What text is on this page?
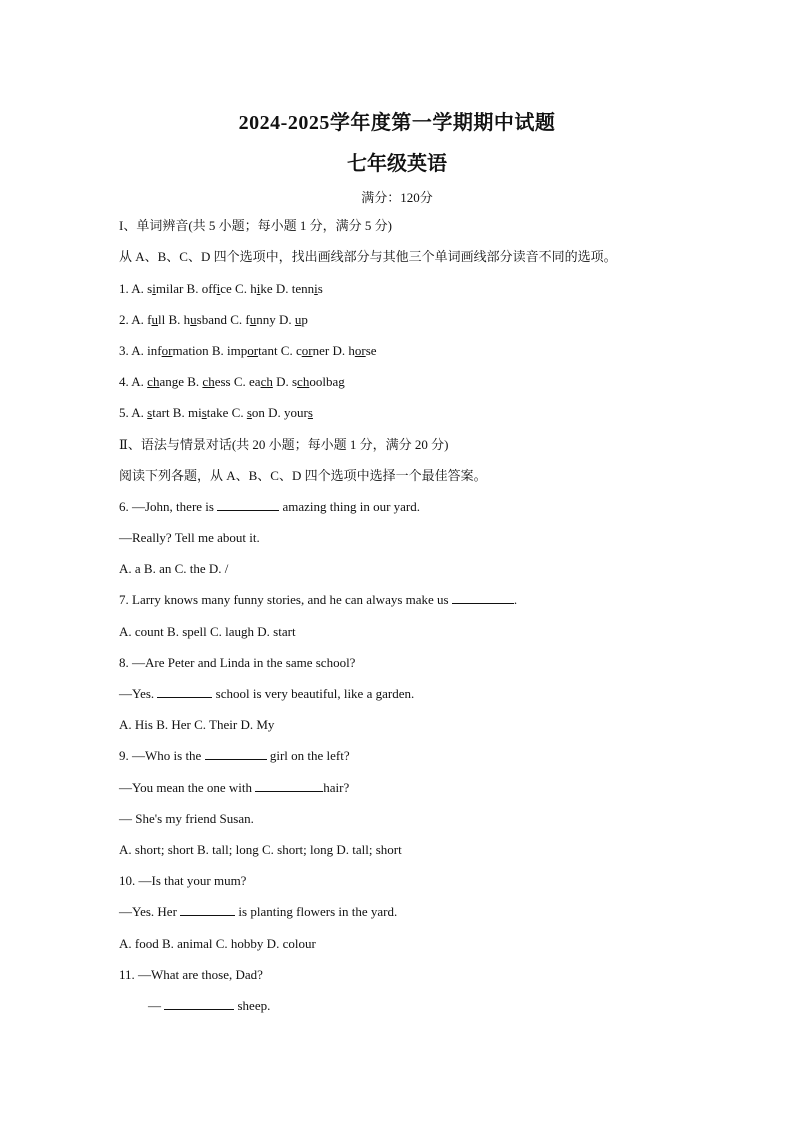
2024-2025学年度第一学期期中试题
七年级英语
满分：120分
I、单词辨音(共 5 小题；每小题 1 分，满分 5 分)
从 A、B、C、D 四个选项中，找出画线部分与其他三个单词画线部分读音不同的选项。
1. A. similar B. office C. hike D. tennis
2. A. full B. husband C. funny D. up
3. A. information B. important C. corner D. horse
4. A. change B. chess C. each D. schoolbag
5. A. start B. mistake C. son D. yours
Ⅱ、语法与情景对话(共 20 小题；每小题 1 分，满分 20 分)
阅读下列各题，从 A、B、C、D 四个选项中选择一个最佳答案。
6. —John, there is	amazing thing in our yard.
—Really? Tell me about it.
A. a B. an C. the D. /
7. Larry knows many funny stories, and he can always make us	.
A. count B. spell C. laugh D. start
8. —Are Peter and Linda in the same school?
—Yes.	school is very beautiful, like a garden.
A. His B. Her C. Their D. My
9. —Who is the	girl on the left?
—You mean the one with	hair?
— She's my friend Susan.
A. short; short B. tall; long C. short; long D. tall; short
10. —Is that your mum?
—Yes. Her	is planting flowers in the yard.
A. food B. animal C. hobby D. colour
11. —What are those, Dad?
—	sheep.
